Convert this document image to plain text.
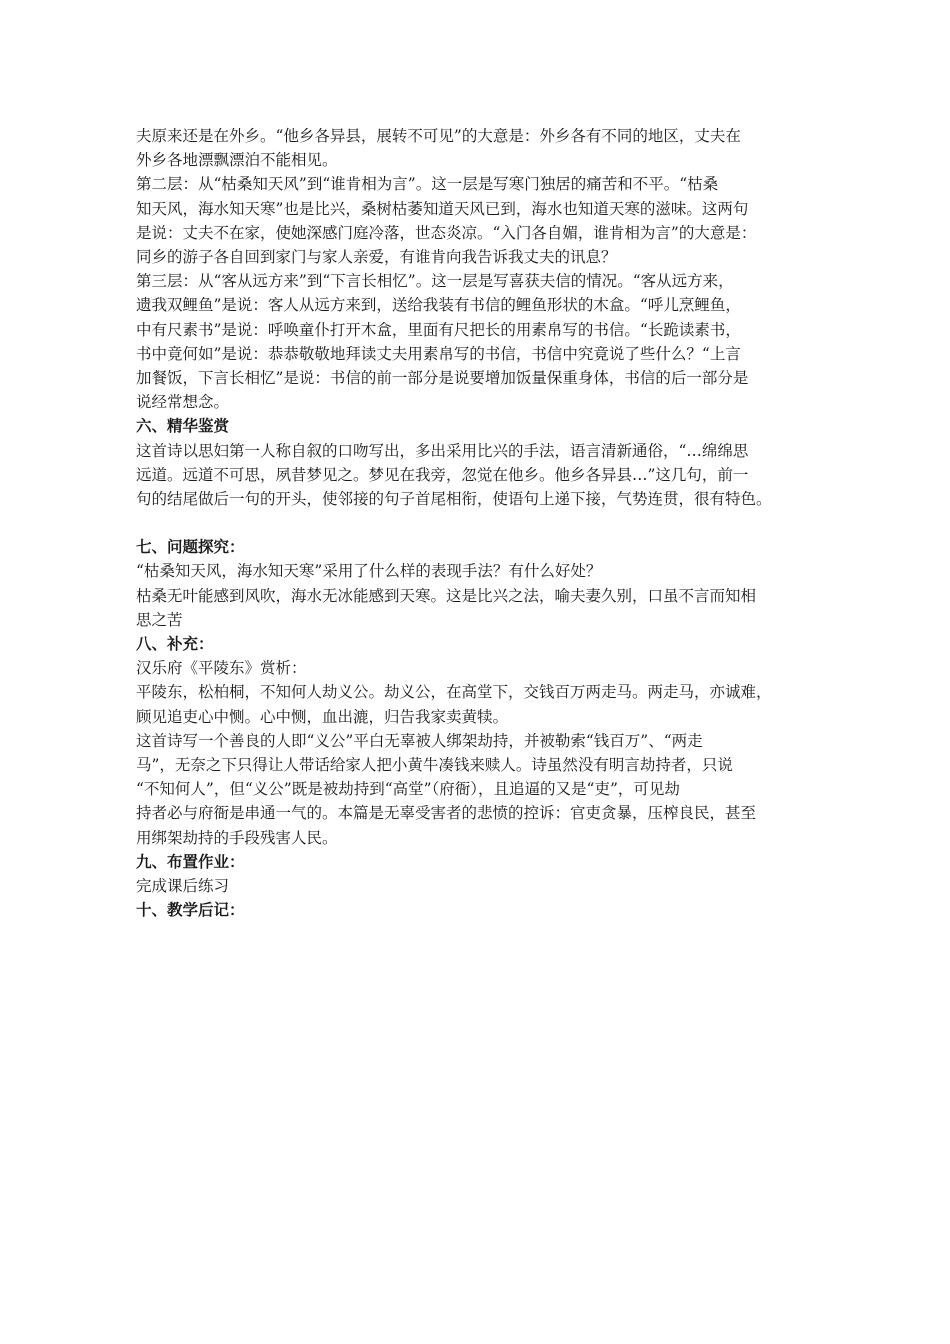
夫原来还是在外乡。“他乡各异县，展转不可见”的大意是：外乡各有不同的地区，丈夫在

外乡各地漂飘漂泊不能相见。

第二层：从“枯桑知天风”到“谁肯相为言”。这一层是写寒门独居的痛苦和不平。“枯桑

知天风，海水知天寒”也是比兴，桑树枯萎知道天风已到，海水也知道天寒的滋味。这两句

是说：丈夫不在家，使她深感门庭冷落，世态炎凉。“入门各自媚，谁肯相为言”的大意是：

同乡的游子各自回到家门与家人亲爱，有谁肯向我告诉我丈夫的讯息？

第三层：从“客从远方来”到“下言长相忆”。这一层是写喜获夫信的情况。“客从远方来，

遗我双鲤鱼”是说：客人从远方来到，送给我装有书信的鲤鱼形状的木盒。“呼儿烹鲤鱼，

中有尺素书”是说：呼唤童仆打开木盒，里面有尺把长的用素帛写的书信。“长跪读素书，

书中竟何如”是说：恭恭敬敬地拜读丈夫用素帛写的书信，书信中究竟说了些什么？“上言

加餐饭，下言长相忆”是说：书信的前一部分是说要增加饭量保重身体，书信的后一部分是

说经常想念。

六、精华鉴赏

这首诗以思妇第一人称自叙的口吻写出，多出采用比兴的手法，语言清新通俗，“…绵绵思

远道。远道不可思，夙昔梦见之。梦见在我旁，忽觉在他乡。他乡各异县…”这几句，前一

句的结尾做后一句的开头，使邻接的句子首尾相衔，使语句上递下接，气势连贯，很有特色。

七、问题探究：

“枯桑知天风，海水知天寒”采用了什么样的表现手法？有什么好处？

枯桑无叶能感到风吹，海水无冰能感到天寒。这是比兴之法，喻夫妻久别，口虽不言而知相

思之苦

八、补充：

汉乐府《平陵东》赏析：

平陵东，松柏桐，不知何人劫义公。劫义公，在高堂下，交钱百万两走马。两走马，亦诚难，

顾见追吏心中恻。心中恻，血出漉，归告我家卖黄犊。

这首诗写一个善良的人即“义公”平白无辜被人绑架劫持，并被勒索“钱百万”、“两走

马”，无奈之下只得让人带话给家人把小黄牛凑钱来赎人。诗虽然没有明言劫持者，只说

“不知何人”，但“义公”既是被劫持到“高堂”（府衙），且追逼的又是“吏”，可见劫

持者必与府衙是串通一气的。本篇是无辜受害者的悲愤的控诉：官吏贪暴，压榨良民，甚至

用绑架劫持的手段残害人民。

九、布置作业：

完成课后练习

十、教学后记：
